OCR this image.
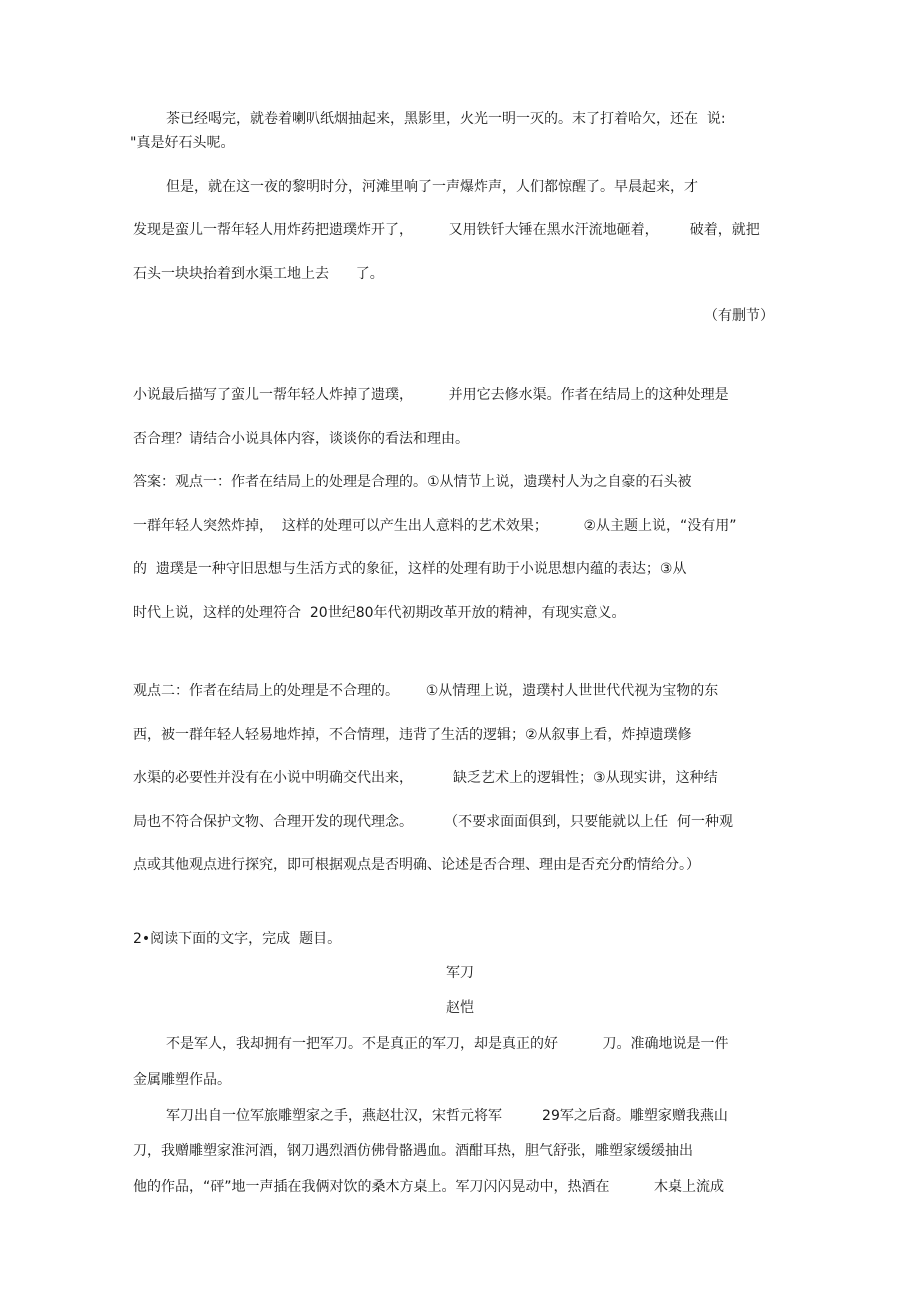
茶已经喝完，就卷着喇叭纸烟抽起来，黑影里，火光一明一灭的。末了打着哈欠，还在  说:

"真是好石头呢。

但是，就在这一夜的黎明时分，河滩里响了一声爆炸声，人们都惊醒了。早晨起来，才

发现是蛮儿一帮年轻人用炸药把遗璞炸开了，        又用铁钎大锤在黑水汗流地砸着，       破着，就把

石头一块块抬着到水渠工地上去      了。

（有删节）

小说最后描写了蛮儿一帮年轻人炸掉了遗璞，        并用它去修水渠。作者在结局上的这种处理是

否合理？请结合小说具体内容，谈谈你的看法和理由。

答案：观点一：作者在结局上的处理是合理的。①从情节上说，遗璞村人为之自豪的石头被

一群年轻人突然炸掉，  这样的处理可以产生出人意料的艺术效果；        ②从主题上说，“没有用”

的  遗璞是一种守旧思想与生活方式的象征，这样的处理有助于小说思想内蕴的表达；③从

时代上说，这样的处理符合  20世纪80年代初期改革开放的精神，有现实意义。

观点二：作者在结局上的处理是不合理的。      ①从情理上说，遗璞村人世世代代视为宝物的东

西，被一群年轻人轻易地炸掉，不合情理，违背了生活的逻辑；②从叙事上看，炸掉遗璞修

水渠的必要性并没有在小说中明确交代出来，         缺乏艺术上的逻辑性；③从现实讲，这种结

局也不符合保护文物、合理开发的现代理念。       （不要求面面俱到，只要能就以上任  何一种观

点或其他观点进行探究，即可根据观点是否明确、论述是否合理、理由是否充分酌情给分。）

2•阅读下面的文字，完成  题目。

军刀

赵恺

不是军人，我却拥有一把军刀。不是真正的军刀，却是真正的好          刀。准确地说是一件

金属雕塑作品。

军刀出自一位军旅雕塑家之手，燕赵壮汉，宋哲元将军         29军之后裔。雕塑家赠我燕山

刀，我赠雕塑家淮河酒，钢刀遇烈酒仿佛骨骼遇血。酒酣耳热，胆气舒张，雕塑家缓缓抽出

他的作品，“砰”地一声插在我俩对饮的桑木方桌上。军刀闪闪晃动中，热酒在          木桌上流成
